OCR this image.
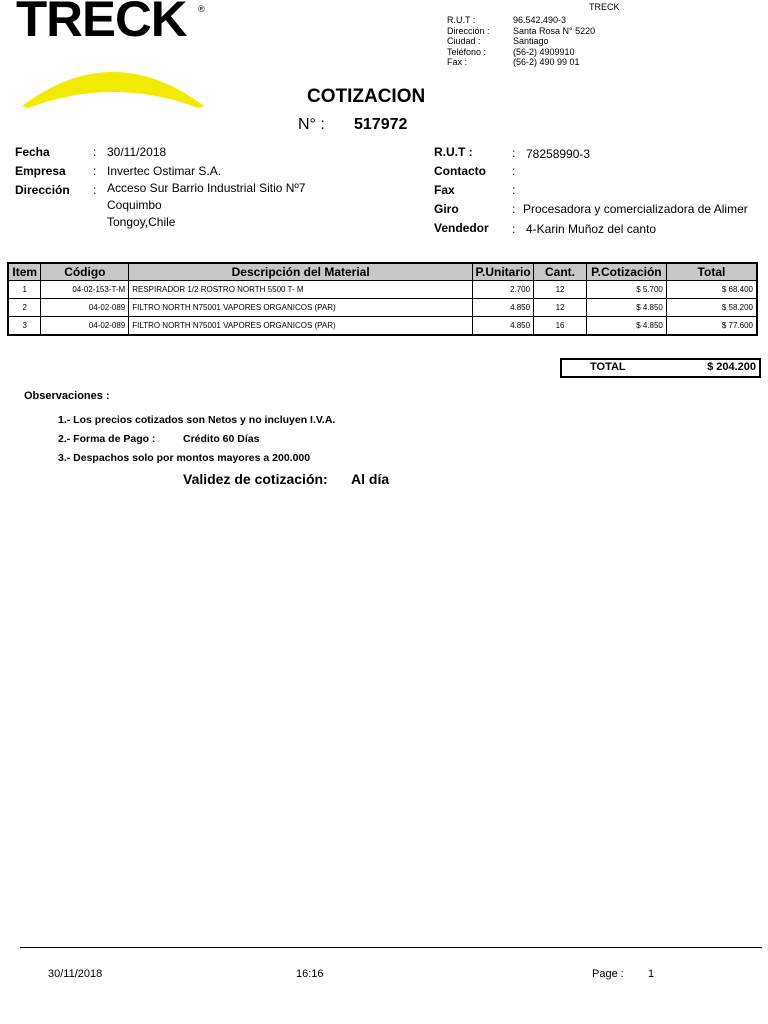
TRECK ®	TRECK
R.U.T :	96.542.490-3
Dirección :	Santa Rosa N° 5220
Ciudad :	Santiago
Teléfono :	(56-2) 4909910
Fax :	(56-2) 490 99 01
COTIZACION
N° : 517972
Fecha	: 30/11/2018
Empresa : Invertec Ostimar S.A.
Dirección : Acceso Sur Barrio Industrial Sitio Nº7
Coquimbo
Tongoy,Chile
R.U.T :	: 78258990-3
Contacto :
Fax	:
Giro	: Procesadora y comercializadora de Alimer
Vendedor : 4-Karin Muñoz del canto
Item	Código	Descripción del Material	P.Unitario	Cant.	P.Cotización	Total
1	04-02-153-T-M	RESPIRADOR 1/2 ROSTRO NORTH 5500 T- M	2.700	12	$ 5.700	$ 68.400
2	04-02-089	FILTRO NORTH N75001 VAPORES ORGANICOS (PAR)	4.850	12	$ 4.850	$ 58.200
3	04-02-089	FILTRO NORTH N75001 VAPORES ORGANICOS (PAR)	4.850	16	$ 4.850	$ 77.600
TOTAL	$ 204.200
Observaciones :
1.- Los precios cotizados son Netos y no incluyen I.V.A.
2.- Forma de Pago :	Crédito 60 Días
3.- Despachos solo por montos mayores a 200.000
Validez de cotización: Al día
30/11/2018	16:16	Page : 1
